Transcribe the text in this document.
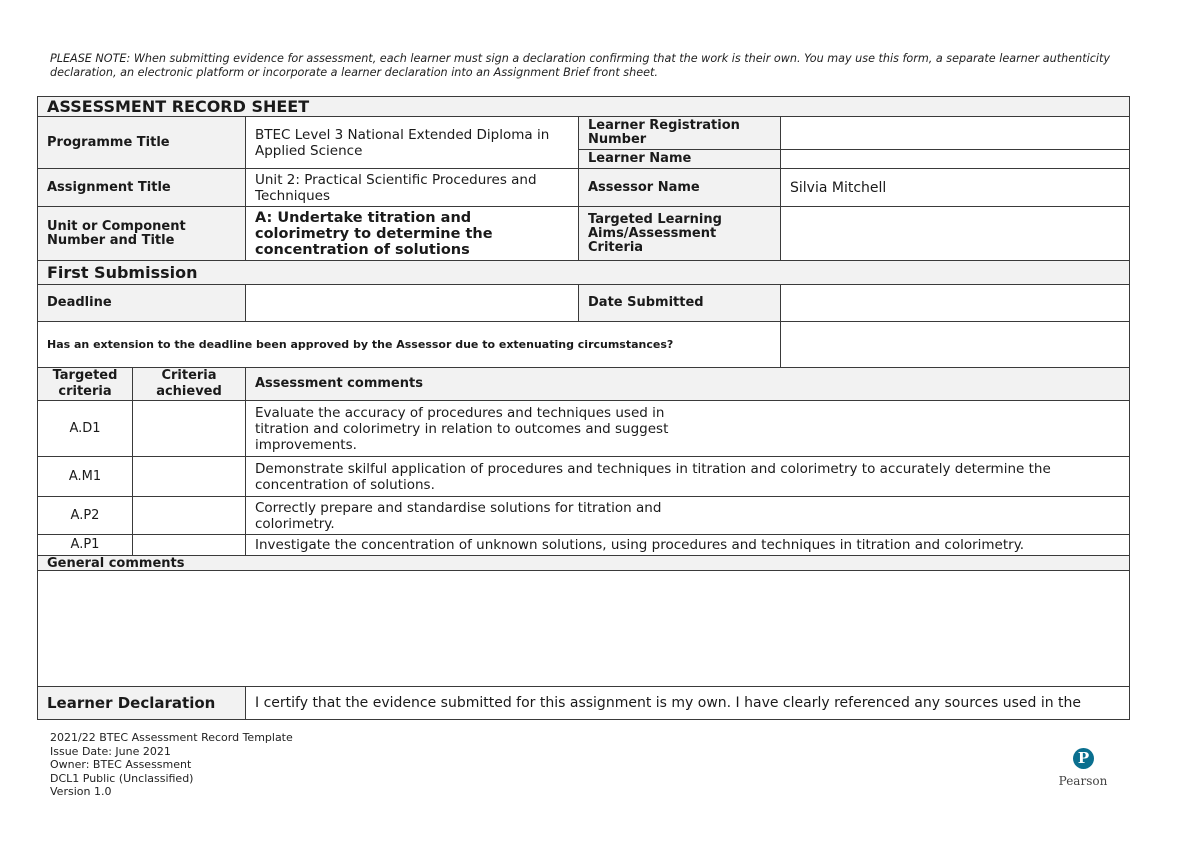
PLEASE NOTE: When submitting evidence for assessment, each learner must sign a declaration confirming that the work is their own. You may use this form, a separate learner authenticity declaration, an electronic platform or incorporate a learner declaration into an Assignment Brief front sheet.
ASSESSMENT RECORD SHEET				
Programme Title		BTEC Level 3 National Extended Diploma in Applied Science	Learner Registration Number	
			Learner Name	
Assignment Title		Unit 2: Practical Scientific Procedures and Techniques	Assessor Name	Silvia Mitchell
Unit or Component Number and Title		A: Undertake titration and colorimetry to determine the concentration of solutions	Targeted Learning Aims/Assessment Criteria	
First Submission				
Deadline			Date Submitted	
Has an extension to the deadline been approved by the Assessor due to extenuating circumstances?				
Targeted criteria	Criteria achieved	Assessment comments		
A.D1		Evaluate the accuracy of procedures and techniques used in titration and colorimetry in relation to outcomes and suggest improvements.		

A.M1		Demonstrate skilful application of procedures and techniques in titration and colorimetry to accurately determine the concentration of solutions.		
A.P2		Correctly prepare and standardise solutions for titration and colorimetry.		

A.P1		Investigate the concentration of unknown solutions, using procedures and techniques in titration and colorimetry.		
General comments				

Learner Declaration		I certify that the evidence submitted for this assignment is my own. I have clearly referenced any sources used in the		
2021/22 BTEC Assessment Record Template
Issue Date: June 2021
Owner: BTEC Assessment
DCL1 Public (Unclassified)
Version 1.0
P
Pearson
